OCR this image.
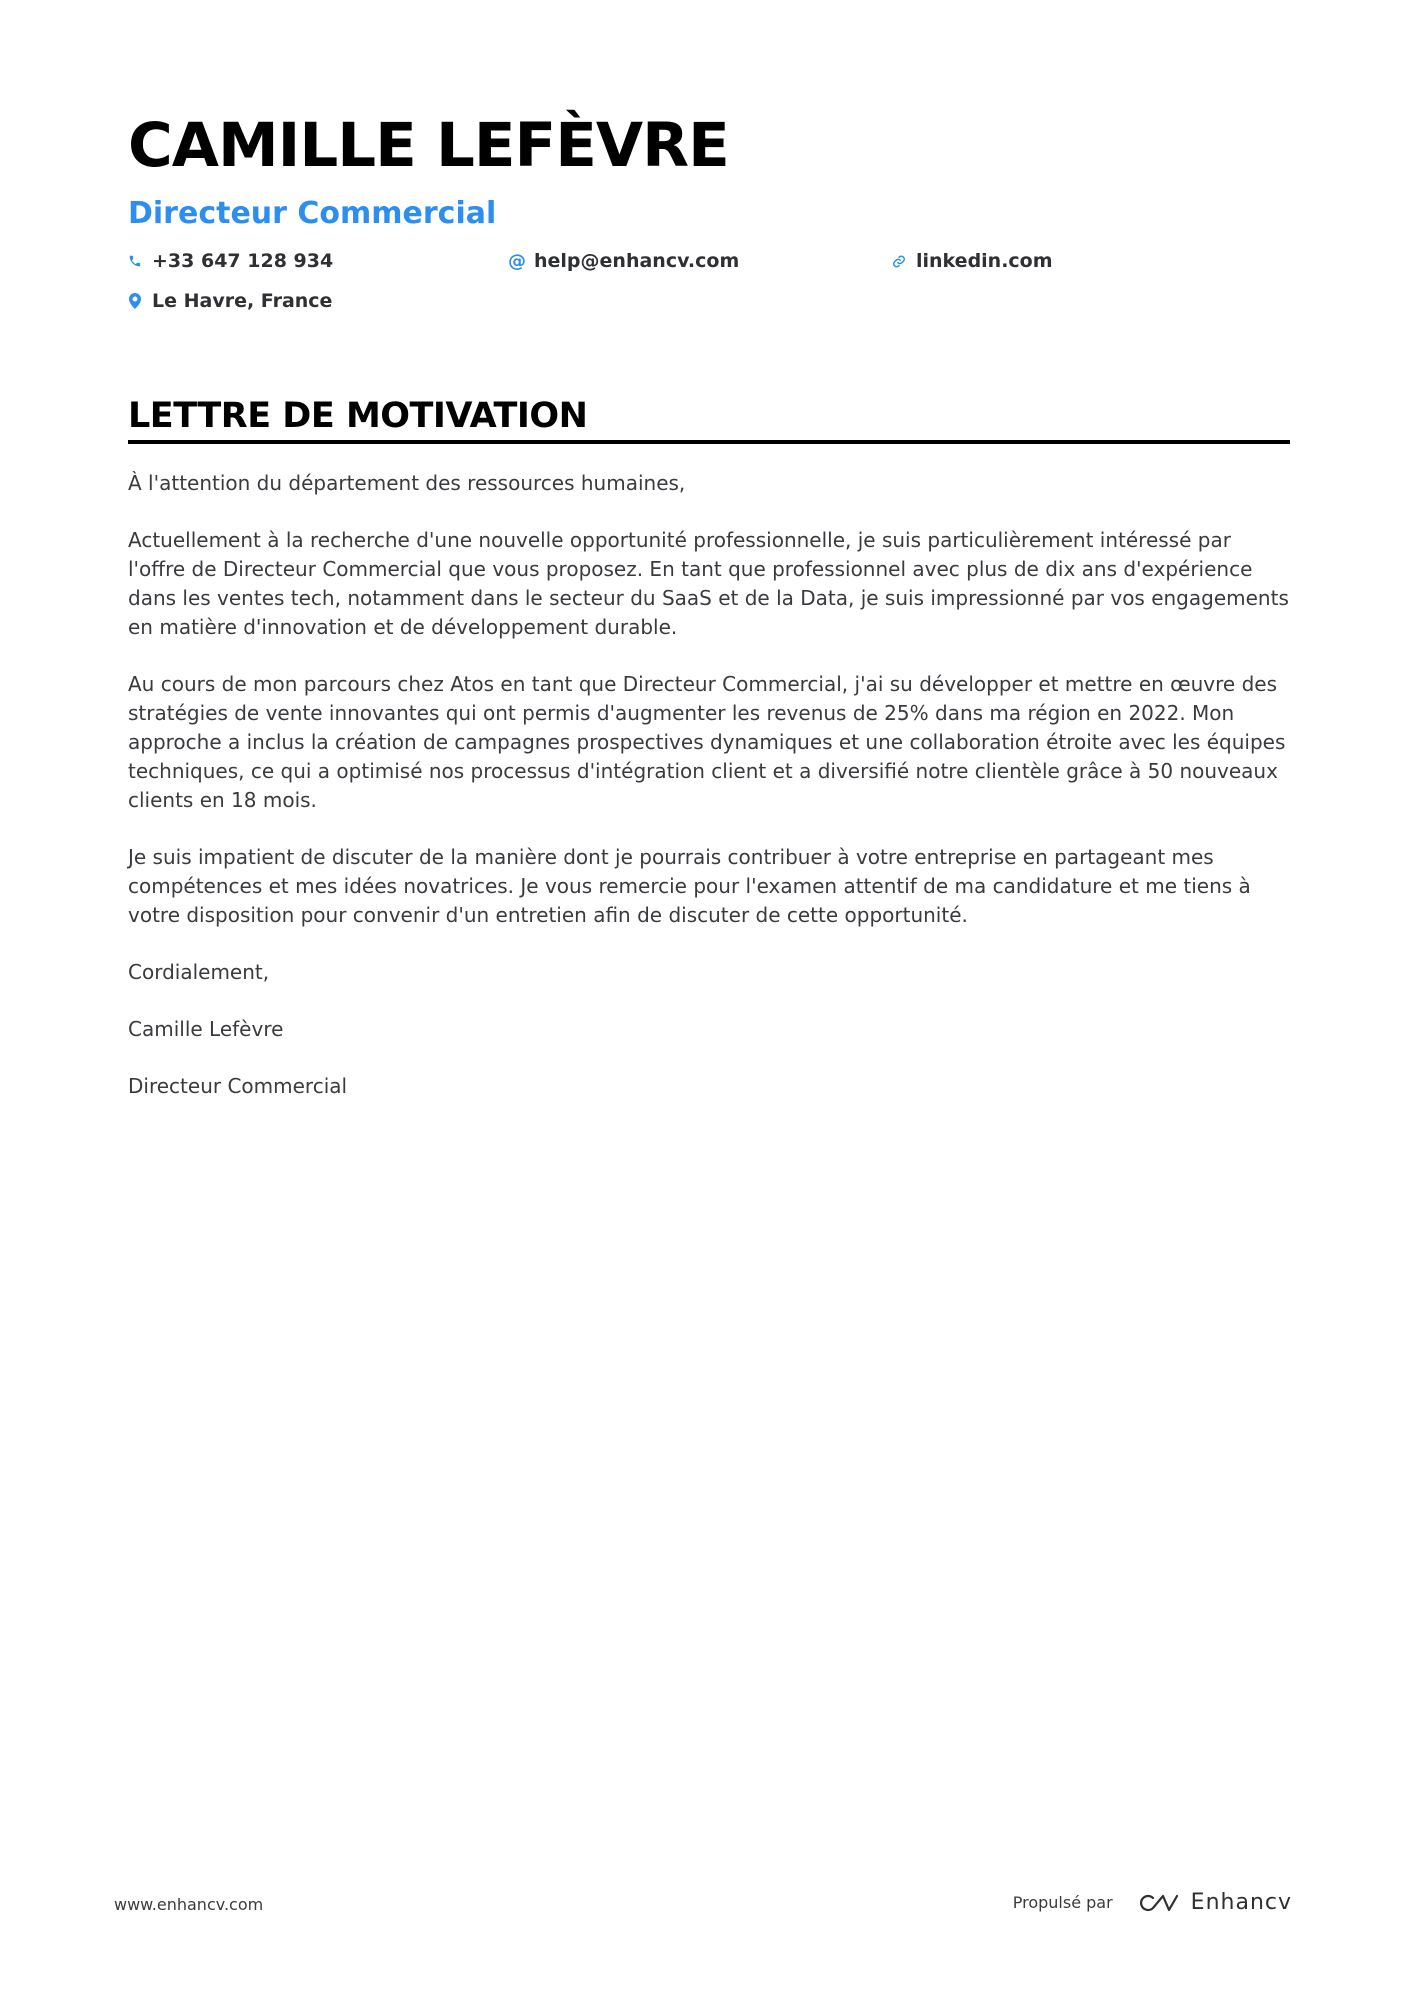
CAMILLE LEFÈVRE
Directeur Commercial
+33 647 128 934	@ help@enhancv.com	linkedin.com
Le Havre, France
LETTRE DE MOTIVATION

À l'attention du département des ressources humaines,

Actuellement à la recherche d'une nouvelle opportunité professionnelle, je suis particulièrement intéressé par l'offre de Directeur Commercial que vous proposez. En tant que professionnel avec plus de dix ans d'expérience dans les ventes tech, notamment dans le secteur du SaaS et de la Data, je suis impressionné par vos engagements en matière d'innovation et de développement durable.

Au cours de mon parcours chez Atos en tant que Directeur Commercial, j'ai su développer et mettre en œuvre des stratégies de vente innovantes qui ont permis d'augmenter les revenus de 25% dans ma région en 2022. Mon approche a inclus la création de campagnes prospectives dynamiques et une collaboration étroite avec les équipes techniques, ce qui a optimisé nos processus d'intégration client et a diversifié notre clientèle grâce à 50 nouveaux clients en 18 mois.

Je suis impatient de discuter de la manière dont je pourrais contribuer à votre entreprise en partageant mes compétences et mes idées novatrices. Je vous remercie pour l'examen attentif de ma candidature et me tiens à votre disposition pour convenir d'un entretien afin de discuter de cette opportunité.

Cordialement,

Camille Lefèvre

Directeur Commercial

www.enhancv.com	Propulsé par	Enhancv
